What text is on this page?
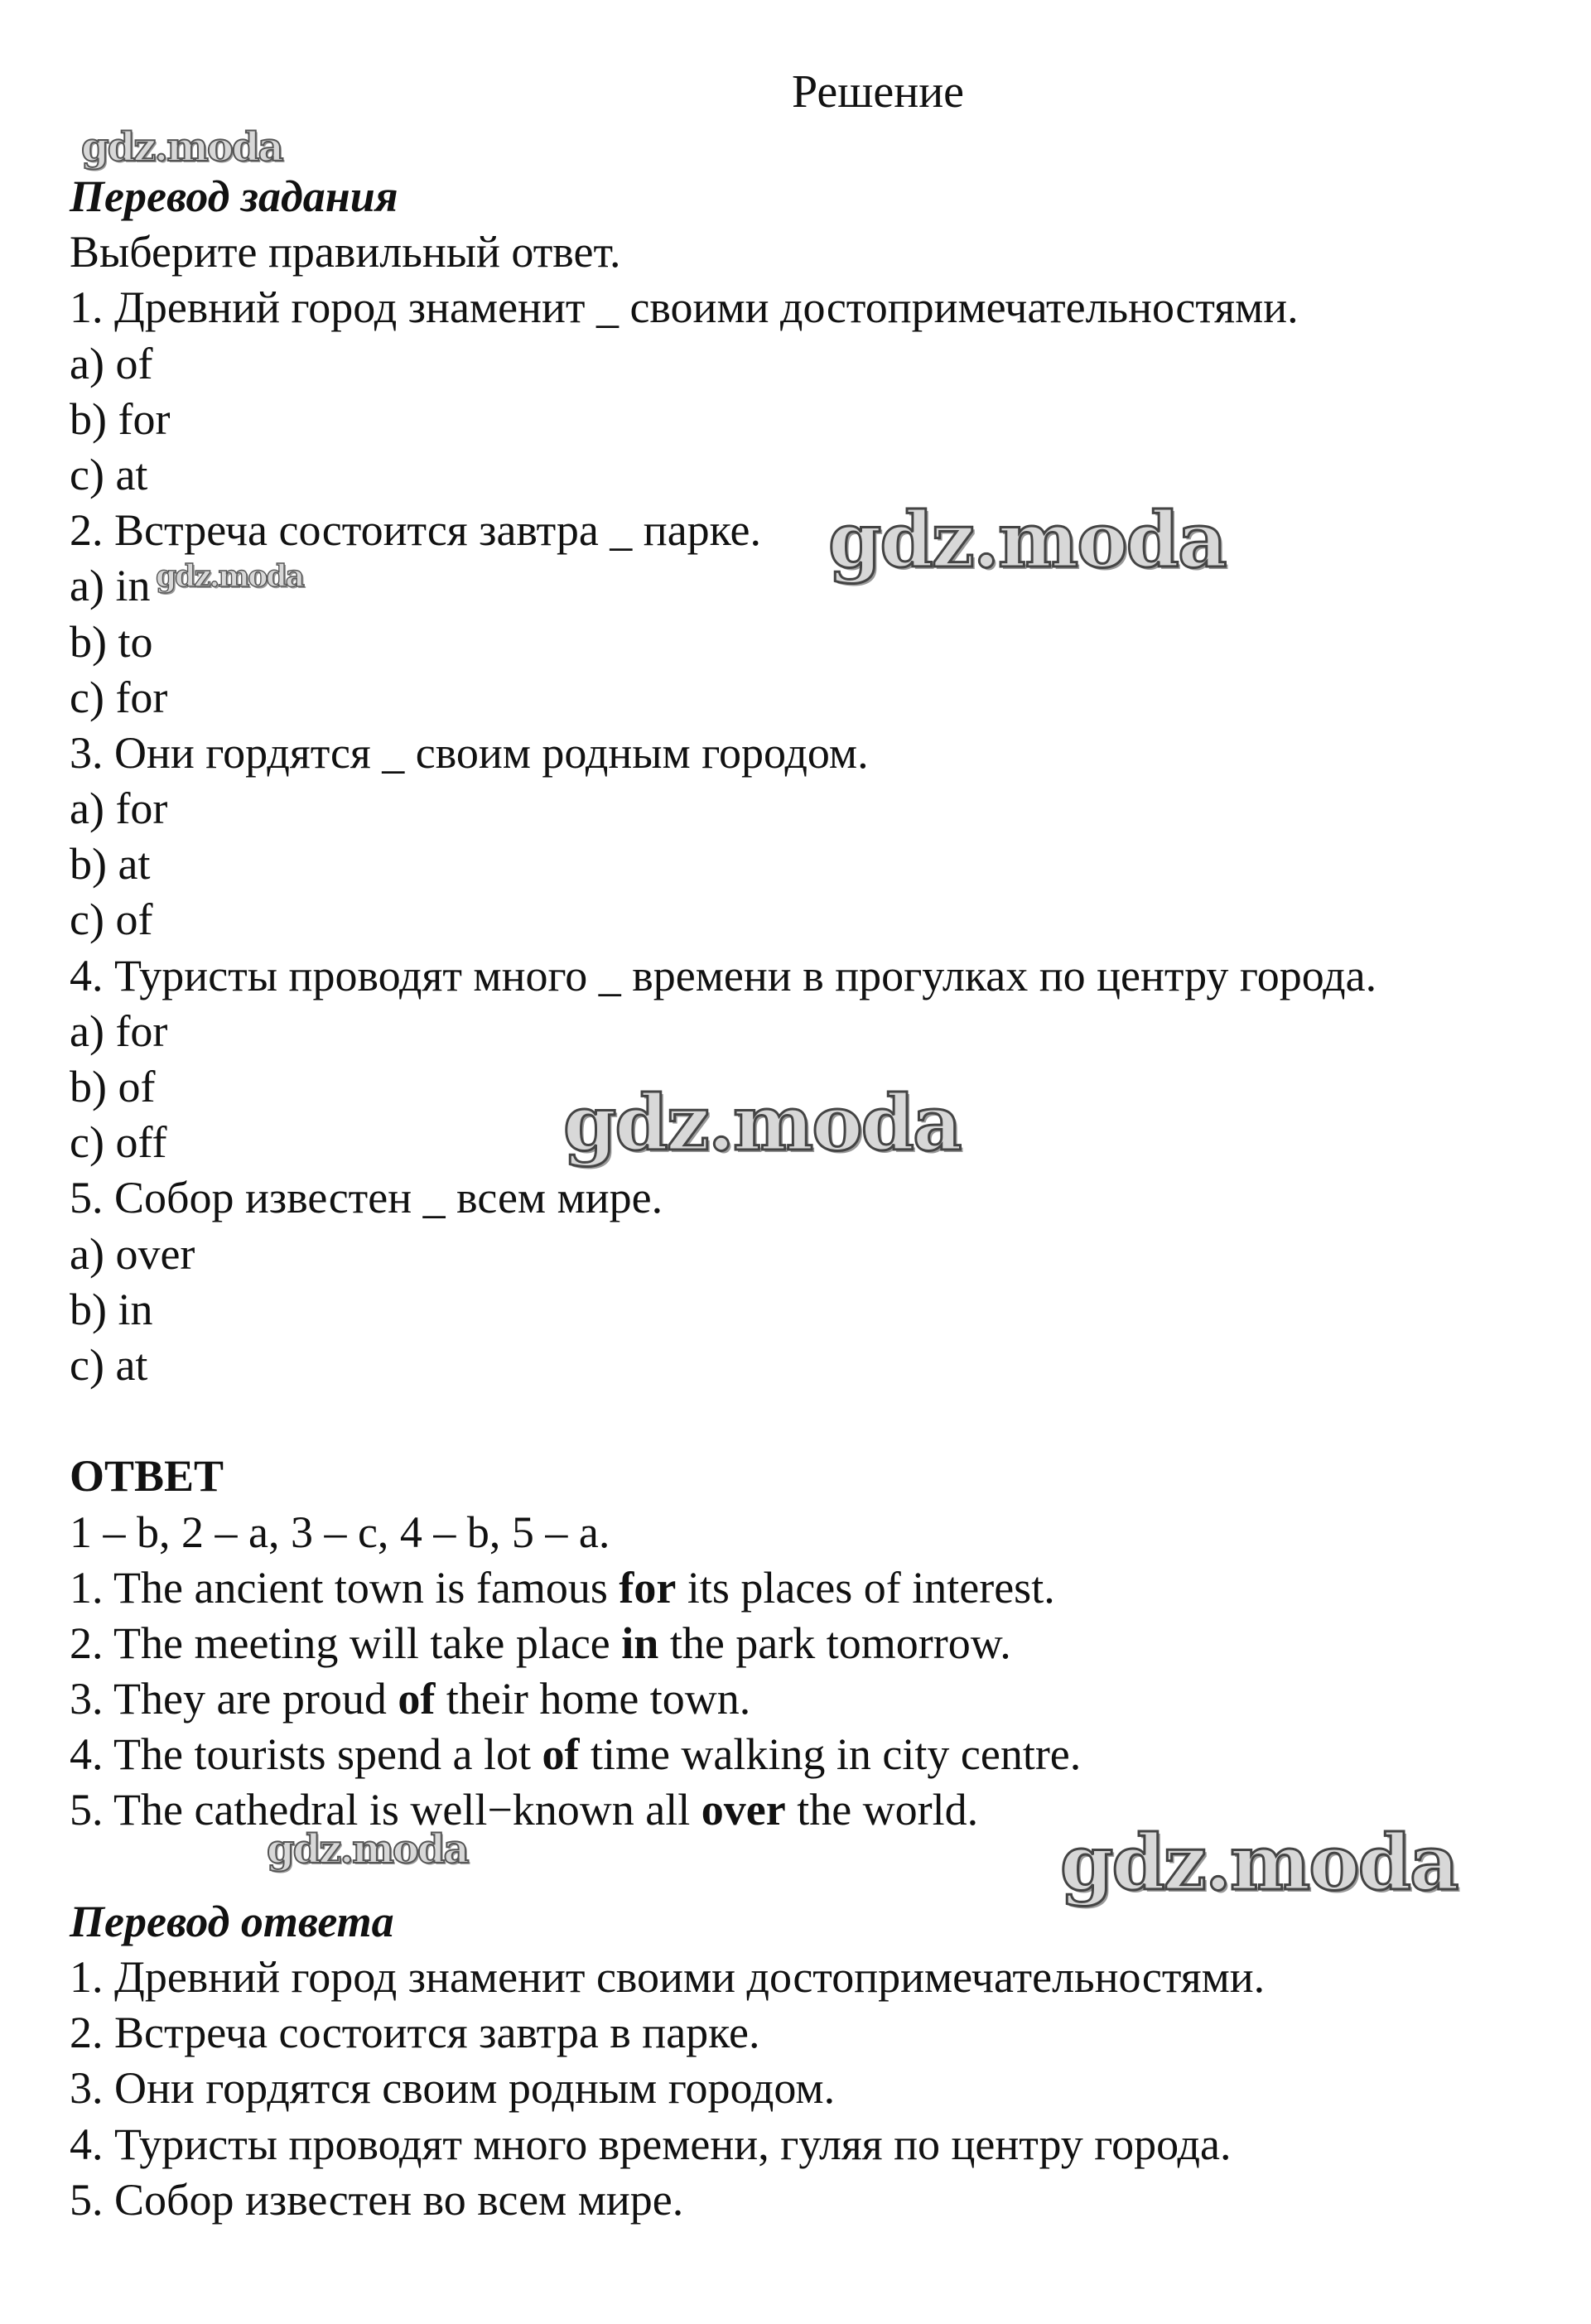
Решение
Перевод задания
Выберите правильный ответ.
1. Древний город знаменит _ своими достопримечательностями.
a) of
b) for
c) at
2. Встреча состоится завтра _ парке.
a) in
b) to
c) for
3. Они гордятся _ своим родным городом.
a) for
b) at
c) of
4. Туристы проводят много _ времени в прогулках по центру города.
a) for
b) of
c) off
5. Собор известен _ всем мире.
a) over
b) in
c) at
ОТВЕТ
1 – b, 2 – a, 3 – c, 4 – b, 5 – a.
1. The ancient town is famous for its places of interest.
2. The meeting will take place in the park tomorrow.
3. They are proud of their home town.
4. The tourists spend a lot of time walking in city centre.
5. The cathedral is well−known all over the world.
Перевод ответа
1. Древний город знаменит своими достопримечательностями.
2. Встреча состоится завтра в парке.
3. Они гордятся своим родным городом.
4. Туристы проводят много времени, гуляя по центру города.
5. Собор известен во всем мире.
gdz.moda
gdz.moda
gdz.moda
gdz.moda
gdz.moda	gdz.moda
